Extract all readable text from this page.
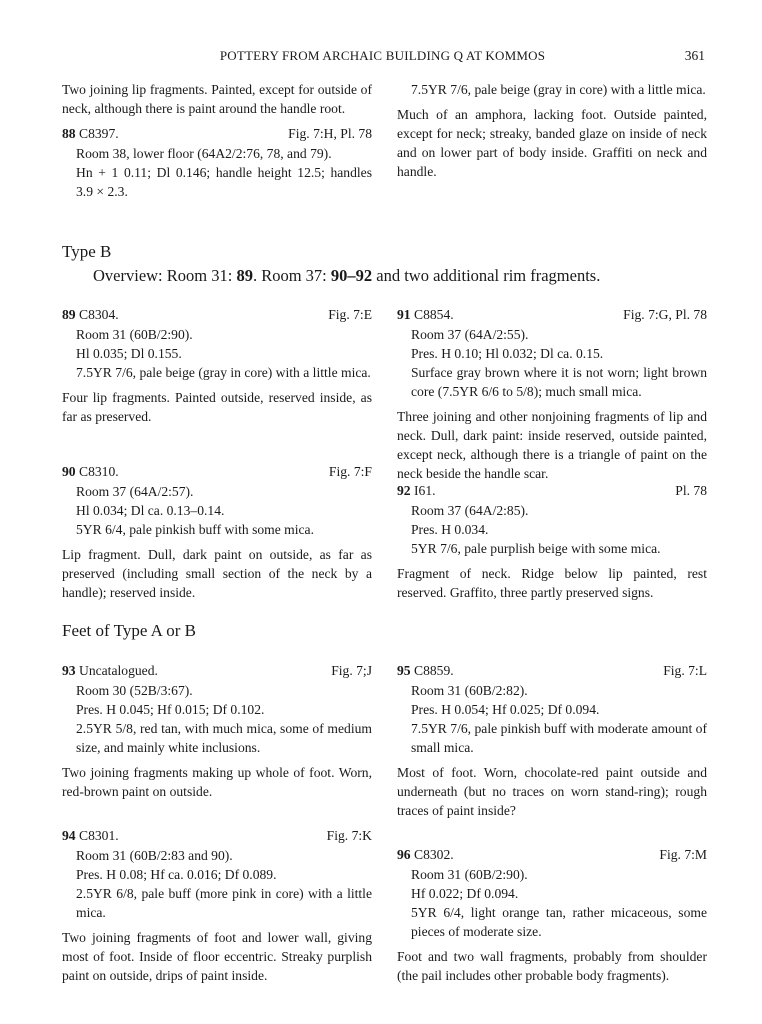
POTTERY FROM ARCHAIC BUILDING Q AT KOMMOS	361

Two joining lip fragments. Painted, except for outside of neck, although there is paint around the handle root.

88 C8397.	Fig. 7:H, Pl. 78
Room 38, lower floor (64A2/2:76, 78, and 79).
Hn + 1 0.11; Dl 0.146; handle height 12.5; handles 3.9 × 2.3.
7.5YR 7/6, pale beige (gray in core) with a little mica.

Much of an amphora, lacking foot. Outside painted, except for neck; streaky, banded glaze on inside of neck and on lower part of body inside. Graffiti on neck and handle.

Type B
Overview: Room 31: 89. Room 37: 90–92 and two additional rim fragments.
89 C8304.	Fig. 7:E
Room 31 (60B/2:90).
Hl 0.035; Dl 0.155.
7.5YR 7/6, pale beige (gray in core) with a little mica.

Four lip fragments. Painted outside, reserved inside, as far as preserved.

90 C8310.	Fig. 7:F
Room 37 (64A/2:57).
Hl 0.034; Dl ca. 0.13–0.14.
5YR 6/4, pale pinkish buff with some mica.

Lip fragment. Dull, dark paint on outside, as far as preserved (including small section of the neck by a handle); reserved inside.

91 C8854.	Fig. 7:G, Pl. 78
Room 37 (64A/2:55).
Pres. H 0.10; Hl 0.032; Dl ca. 0.15.
Surface gray brown where it is not worn; light brown core (7.5YR 6/6 to 5/8); much small mica.

Three joining and other nonjoining fragments of lip and neck. Dull, dark paint: inside reserved, outside painted, except neck, although there is a triangle of paint on the neck beside the handle scar.

92 I61.	Pl. 78
Room 37 (64A/2:85).
Pres. H 0.034.
5YR 7/6, pale purplish beige with some mica.

Fragment of neck. Ridge below lip painted, rest reserved. Graffito, three partly preserved signs.

Feet of Type A or B
93 Uncatalogued.	Fig. 7;J
Room 30 (52B/3:67).
Pres. H 0.045; Hf 0.015; Df 0.102.
2.5YR 5/8, red tan, with much mica, some of medium size, and mainly white inclusions.

Two joining fragments making up whole of foot. Worn, red-brown paint on outside.

94 C8301.	Fig. 7:K
Room 31 (60B/2:83 and 90).
Pres. H 0.08; Hf ca. 0.016; Df 0.089.
2.5YR 6/8, pale buff (more pink in core) with a little mica.

Two joining fragments of foot and lower wall, giving most of foot. Inside of floor eccentric. Streaky purplish paint on outside, drips of paint inside.

95 C8859.	Fig. 7:L
Room 31 (60B/2:82).
Pres. H 0.054; Hf 0.025; Df 0.094.
7.5YR 7/6, pale pinkish buff with moderate amount of small mica.

Most of foot. Worn, chocolate-red paint outside and underneath (but no traces on worn stand-ring); rough traces of paint inside?

96 C8302.	Fig. 7:M
Room 31 (60B/2:90).
Hf 0.022; Df 0.094.
5YR 6/4, light orange tan, rather micaceous, some pieces of moderate size.

Foot and two wall fragments, probably from shoulder (the pail includes other probable body fragments).
